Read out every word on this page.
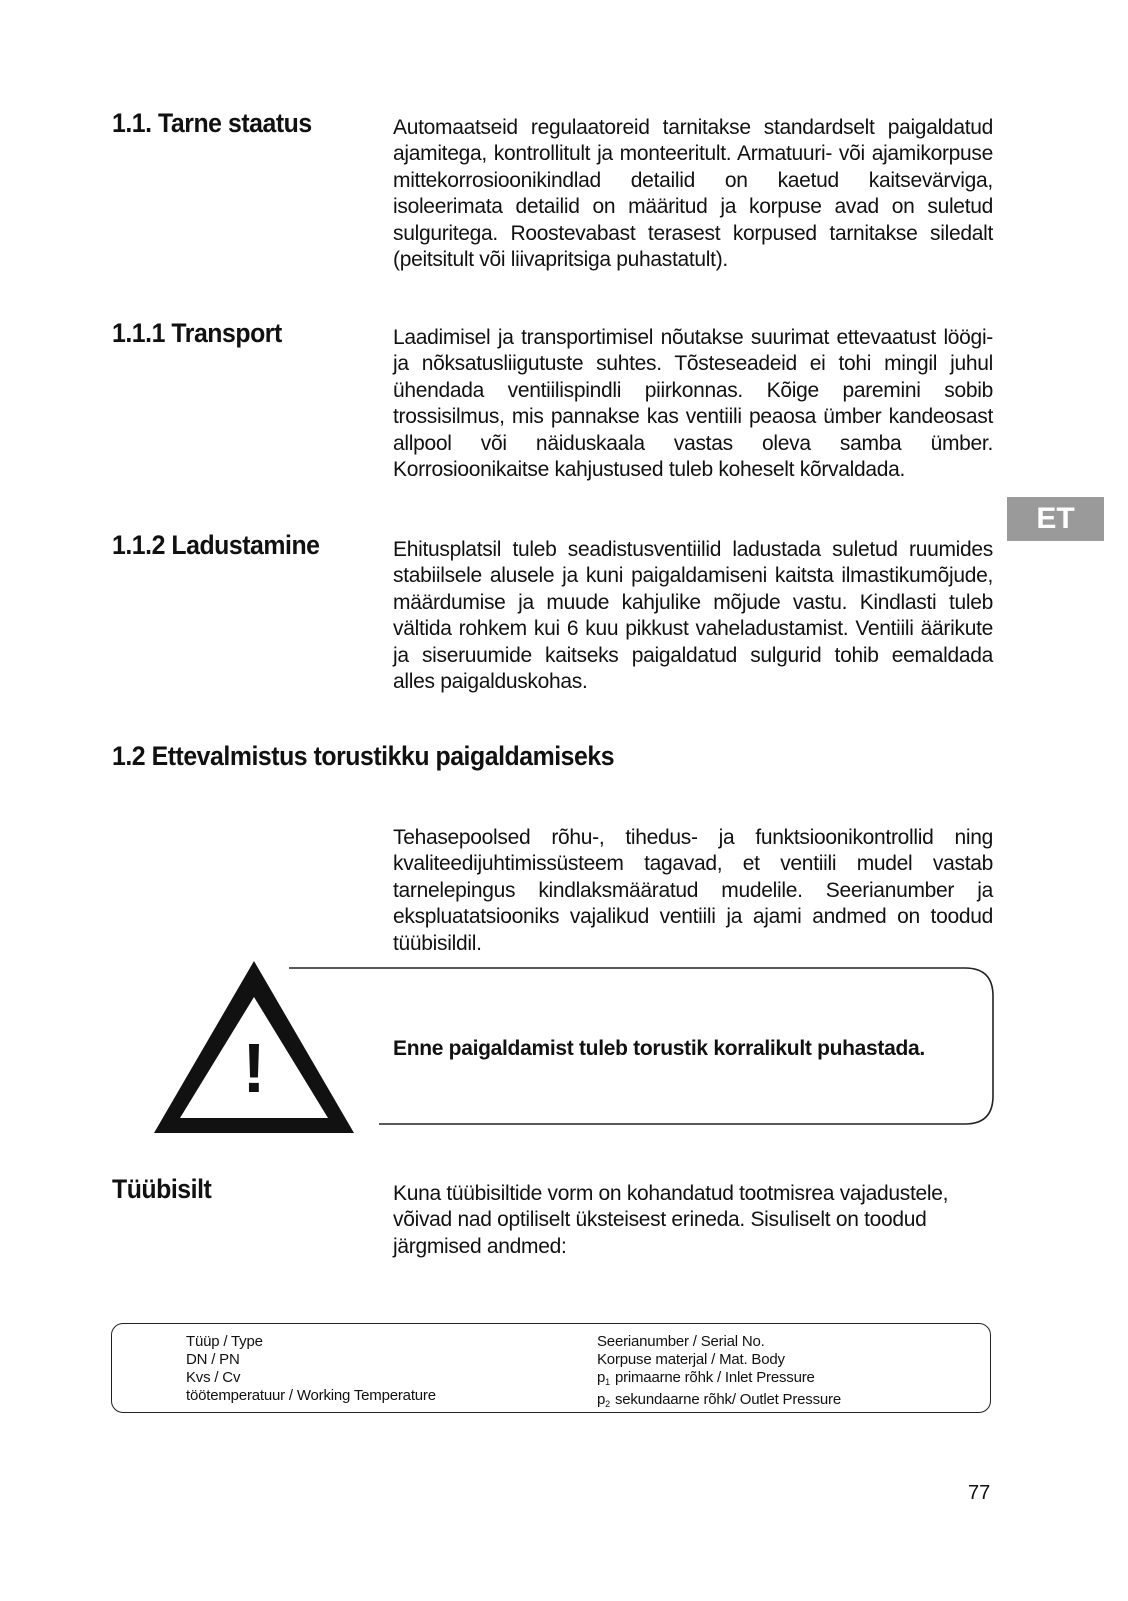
1.1. Tarne staatus	Automaatseid regulaatoreid tarnitakse standardselt paigaldatud ajamitega, kontrollitult ja monteeritult. Armatuuri- või ajamikorpuse mittekorrosioonikindlad detailid on kaetud kaitsevärviga, isoleerimata detailid on määritud ja korpuse avad on suletud sulguritega. Roostevabast terasest korpused tarnitakse siledalt (peitsitult või liivapritsiga puhastatult).
1.1.1 Transport	Laadimisel ja transportimisel nõutakse suurimat ettevaatust löögi- ja nõksatusliigutuste suhtes. Tõsteseadeid ei tohi mingil juhul ühendada ventiilispindli piirkonnas. Kõige paremini sobib trossisilmus, mis pannakse kas ventiili peaosa ümber kandeosast allpool või näiduskaala vastas oleva samba ümber. Korrosioonikaitse kahjustused tuleb koheselt kõrvaldada.
ET
1.1.2 Ladustamine	Ehitusplatsil tuleb seadistusventiilid ladustada suletud ruumides stabiilsele alusele ja kuni paigaldamiseni kaitsta ilmastikumõjude, määrdumise ja muude kahjulike mõjude vastu. Kindlasti tuleb vältida rohkem kui 6 kuu pikkust vaheladustamist. Ventiili äärikute ja siseruumide kaitseks paigaldatud sulgurid tohib eemaldada alles paigalduskohas.
1.2 Ettevalmistus torustikku paigaldamiseks
Tehasepoolsed rõhu-, tihedus- ja funktsioonikontrollid ning kvaliteedijuhtimissüsteem tagavad, et ventiili mudel vastab tarnelepingus kindlaksmääratud mudelile. Seerianumber ja ekspluatatsiooniks vajalikud ventiili ja ajami andmed on toodud tüübisildil.
!	Enne paigaldamist tuleb torustik korralikult puhastada.

Tüübisilt	Kuna tüübisiltide vorm on kohandatud tootmisrea vajadustele,
võivad nad optiliselt üksteisest erineda. Sisuliselt on toodud
järgmised andmed:
Tüüp / Type
DN / PN
Kvs / Cv
töötemperatuur / Working Temperature
Seerianumber / Serial No.
Korpuse materjal / Mat. Body
$p_1$ primaarne rõhk / Inlet Pressure
$p_2$ sekundaarne rõhk/ Outlet Pressure

77
